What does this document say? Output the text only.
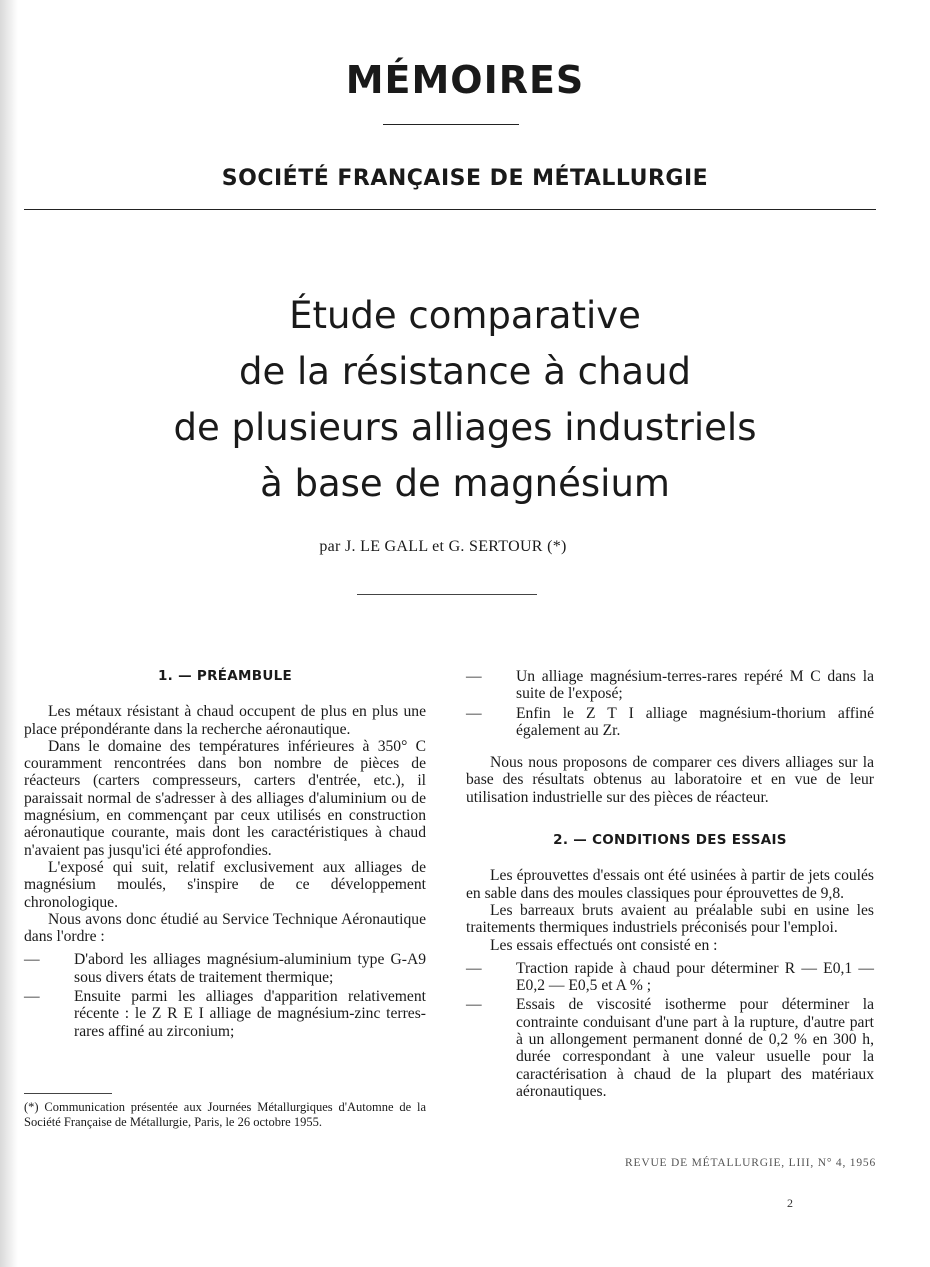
MÉMOIRES
SOCIÉTÉ FRANÇAISE DE MÉTALLURGIE
Étude comparative
de la résistance à chaud
de plusieurs alliages industriels
à base de magnésium
par J. LE GALL et G. SERTOUR (*)
1. — PRÉAMBULE

Les métaux résistant à chaud occupent de plus en plus une place prépondérante dans la recherche aéronautique.

Dans le domaine des températures inférieures à 350° C couramment rencontrées dans bon nombre de pièces de réacteurs (carters compresseurs, carters d'entrée, etc.), il paraissait normal de s'adresser à des alliages d'aluminium ou de magnésium, en commençant par ceux utilisés en construction aéronautique courante, mais dont les caractéristiques à chaud n'avaient pas jusqu'ici été approfondies.

L'exposé qui suit, relatif exclusivement aux alliages de magnésium moulés, s'inspire de ce développement chronologique.

Nous avons donc étudié au Service Technique Aéronautique dans l'ordre :

— D'abord les alliages magnésium-aluminium type G-A9 sous divers états de traitement thermique;
— Ensuite parmi les alliages d'apparition relativement récente : le Z R E I alliage de magnésium-zinc terres-rares affiné au zirconium;

(*) Communication présentée aux Journées Métallurgiques d'Automne de la Société Française de Métallurgie, Paris, le 26 octobre 1955.

— Un alliage magnésium-terres-rares repéré M C dans la suite de l'exposé;
— Enfin le Z T I alliage magnésium-thorium affiné également au Zr.

Nous nous proposons de comparer ces divers alliages sur la base des résultats obtenus au laboratoire et en vue de leur utilisation industrielle sur des pièces de réacteur.

2. — CONDITIONS DES ESSAIS

Les éprouvettes d'essais ont été usinées à partir de jets coulés en sable dans des moules classiques pour éprouvettes de 9,8.

Les barreaux bruts avaient au préalable subi en usine les traitements thermiques industriels préconisés pour l'emploi.

Les essais effectués ont consisté en :

— Traction rapide à chaud pour déterminer R — E0,1 — E0,2 — E0,5 et A % ;
— Essais de viscosité isotherme pour déterminer la contrainte conduisant d'une part à la rupture, d'autre part à un allongement permanent donné de 0,2 % en 300 h, durée correspondant à une valeur usuelle pour la caractérisation à chaud de la plupart des matériaux aéronautiques.
REVUE DE MÉTALLURGIE, LIII, N° 4, 1956
2
